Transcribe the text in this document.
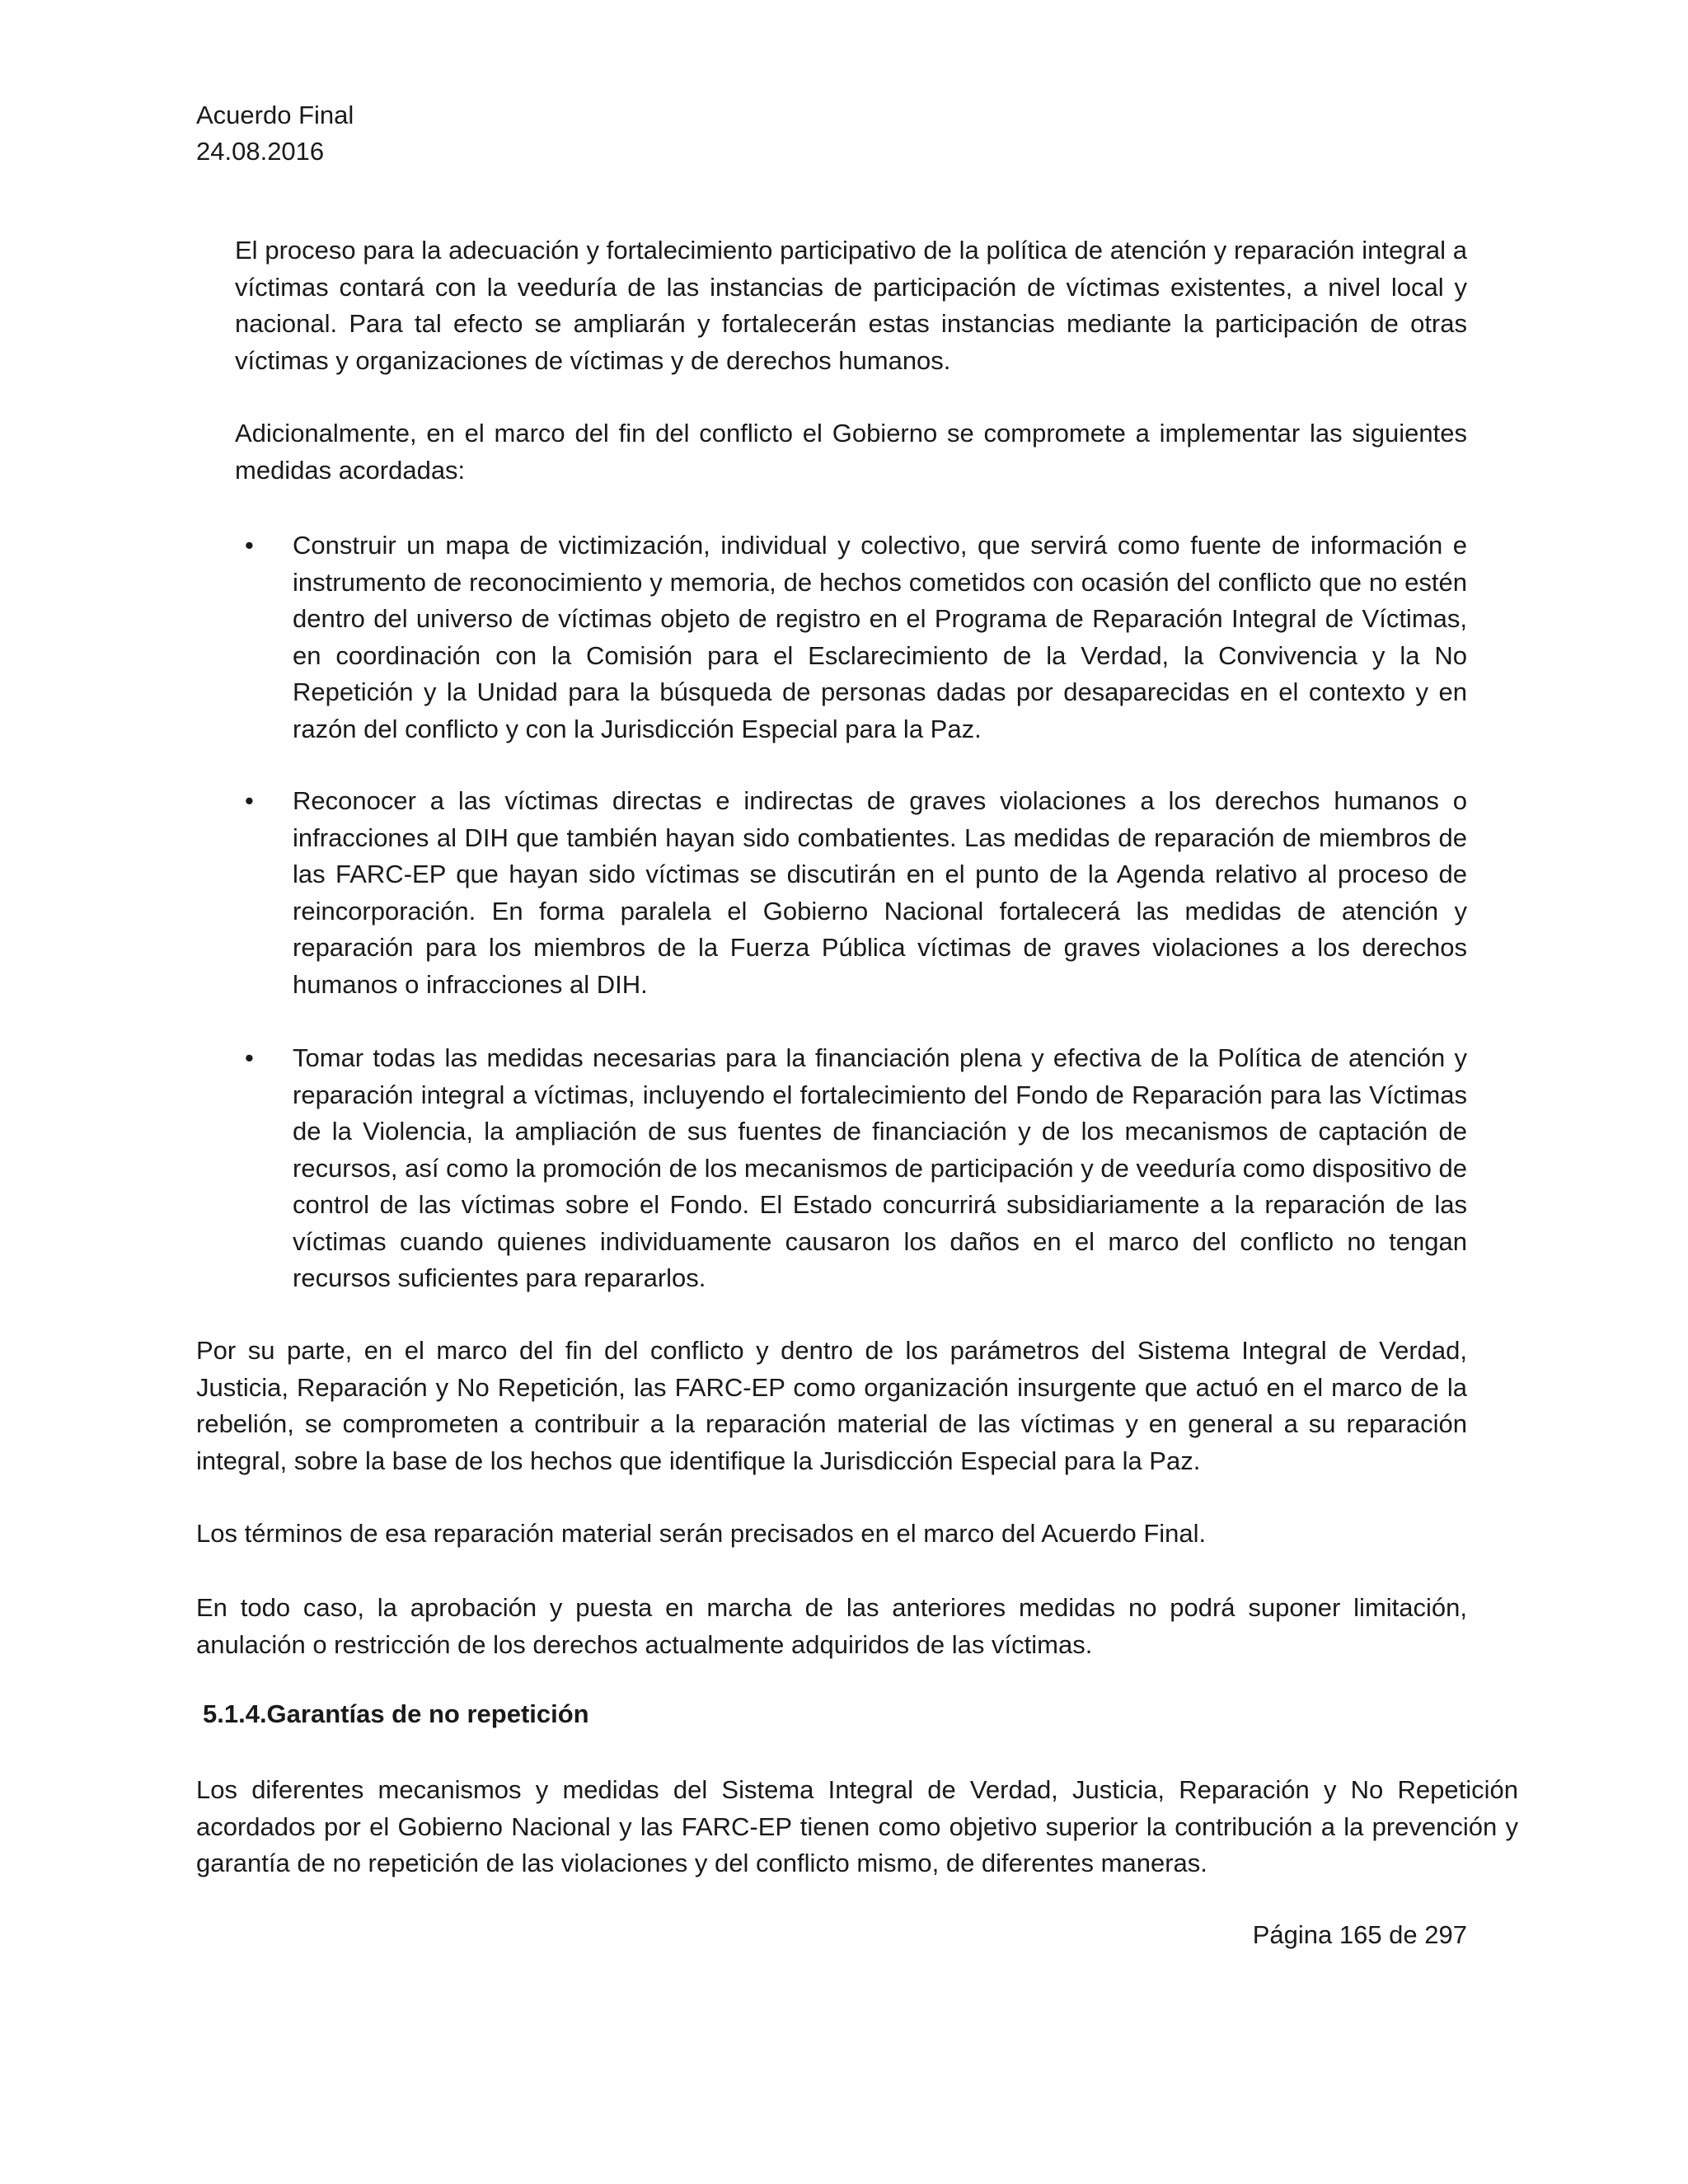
Acuerdo Final
24.08.2016

El proceso para la adecuación y fortalecimiento participativo de la política de atención y reparación integral a víctimas contará con la veeduría de las instancias de participación de víctimas existentes, a nivel local y nacional. Para tal efecto se ampliarán y fortalecerán estas instancias mediante la participación de otras víctimas y organizaciones de víctimas y de derechos humanos.

Adicionalmente, en el marco del fin del conflicto el Gobierno se compromete a implementar las siguientes medidas acordadas:

• Construir un mapa de victimización, individual y colectivo, que servirá como fuente de información e instrumento de reconocimiento y memoria, de hechos cometidos con ocasión del conflicto que no estén dentro del universo de víctimas objeto de registro en el Programa de Reparación Integral de Víctimas, en coordinación con la Comisión para el Esclarecimiento de la Verdad, la Convivencia y la No Repetición y la Unidad para la búsqueda de personas dadas por desaparecidas en el contexto y en razón del conflicto y con la Jurisdicción Especial para la Paz.

• Reconocer a las víctimas directas e indirectas de graves violaciones a los derechos humanos o infracciones al DIH que también hayan sido combatientes. Las medidas de reparación de miembros de las FARC-EP que hayan sido víctimas se discutirán en el punto de la Agenda relativo al proceso de reincorporación. En forma paralela el Gobierno Nacional fortalecerá las medidas de atención y reparación para los miembros de la Fuerza Pública víctimas de graves violaciones a los derechos humanos o infracciones al DIH.

• Tomar todas las medidas necesarias para la financiación plena y efectiva de la Política de atención y reparación integral a víctimas, incluyendo el fortalecimiento del Fondo de Reparación para las Víctimas de la Violencia, la ampliación de sus fuentes de financiación y de los mecanismos de captación de recursos, así como la promoción de los mecanismos de participación y de veeduría como dispositivo de control de las víctimas sobre el Fondo. El Estado concurrirá subsidiariamente a la reparación de las víctimas cuando quienes individuamente causaron los daños en el marco del conflicto no tengan recursos suficientes para repararlos.

Por su parte, en el marco del fin del conflicto y dentro de los parámetros del Sistema Integral de Verdad, Justicia, Reparación y No Repetición, las FARC-EP como organización insurgente que actuó en el marco de la rebelión, se comprometen a contribuir a la reparación material de las víctimas y en general a su reparación integral, sobre la base de los hechos que identifique la Jurisdicción Especial para la Paz.

Los términos de esa reparación material serán precisados en el marco del Acuerdo Final.

En todo caso, la aprobación y puesta en marcha de las anteriores medidas no podrá suponer limitación, anulación o restricción de los derechos actualmente adquiridos de las víctimas.

5.1.4.Garantías de no repetición

Los diferentes mecanismos y medidas del Sistema Integral de Verdad, Justicia, Reparación y No Repetición acordados por el Gobierno Nacional y las FARC-EP tienen como objetivo superior la contribución a la prevención y garantía de no repetición de las violaciones y del conflicto mismo, de diferentes maneras.

Página 165 de 297
